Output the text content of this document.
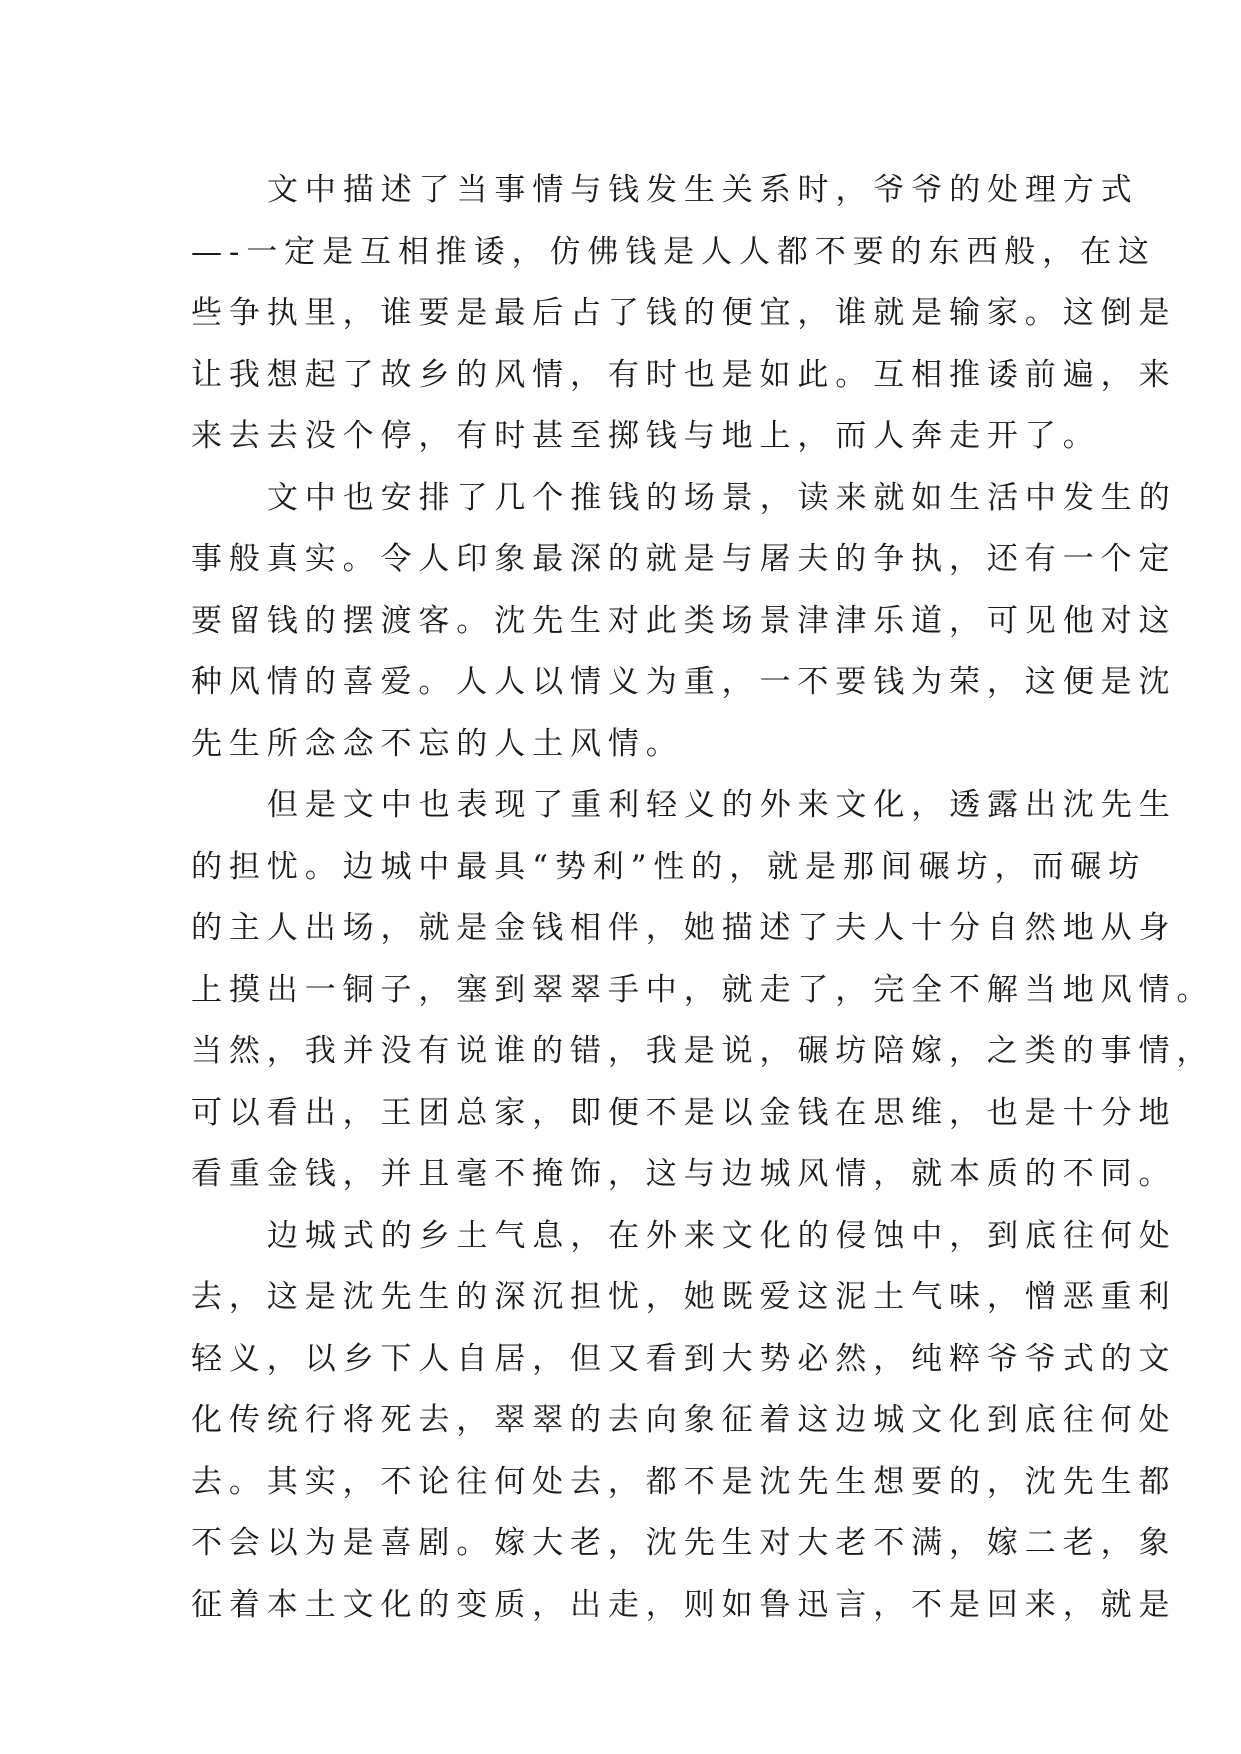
文中描述了当事情与钱发生关系时，爷爷的处理方式
—-一定是互相推诿，仿佛钱是人人都不要的东西般，在这
些争执里，谁要是最后占了钱的便宜，谁就是输家。这倒是
让我想起了故乡的风情，有时也是如此。互相推诿前遍，来
来去去没个停，有时甚至掷钱与地上，而人奔走开了。
文中也安排了几个推钱的场景，读来就如生活中发生的
事般真实。令人印象最深的就是与屠夫的争执，还有一个定
要留钱的摆渡客。沈先生对此类场景津津乐道，可见他对这
种风情的喜爱。人人以情义为重，一不要钱为荣，这便是沈
先生所念念不忘的人土风情。
但是文中也表现了重利轻义的外来文化，透露出沈先生
的担忧。边城中最具“势利”性的，就是那间碾坊，而碾坊
的主人出场，就是金钱相伴，她描述了夫人十分自然地从身
上摸出一铜子，塞到翠翠手中，就走了，完全不解当地风情。
当然，我并没有说谁的错，我是说，碾坊陪嫁，之类的事情，
可以看出，王团总家，即便不是以金钱在思维，也是十分地
看重金钱，并且毫不掩饰，这与边城风情，就本质的不同。
边城式的乡土气息，在外来文化的侵蚀中，到底往何处
去，这是沈先生的深沉担忧，她既爱这泥土气味，憎恶重利
轻义，以乡下人自居，但又看到大势必然，纯粹爷爷式的文
化传统行将死去，翠翠的去向象征着这边城文化到底往何处
去。其实，不论往何处去，都不是沈先生想要的，沈先生都
不会以为是喜剧。嫁大老，沈先生对大老不满，嫁二老，象
征着本土文化的变质，出走，则如鲁迅言，不是回来，就是
